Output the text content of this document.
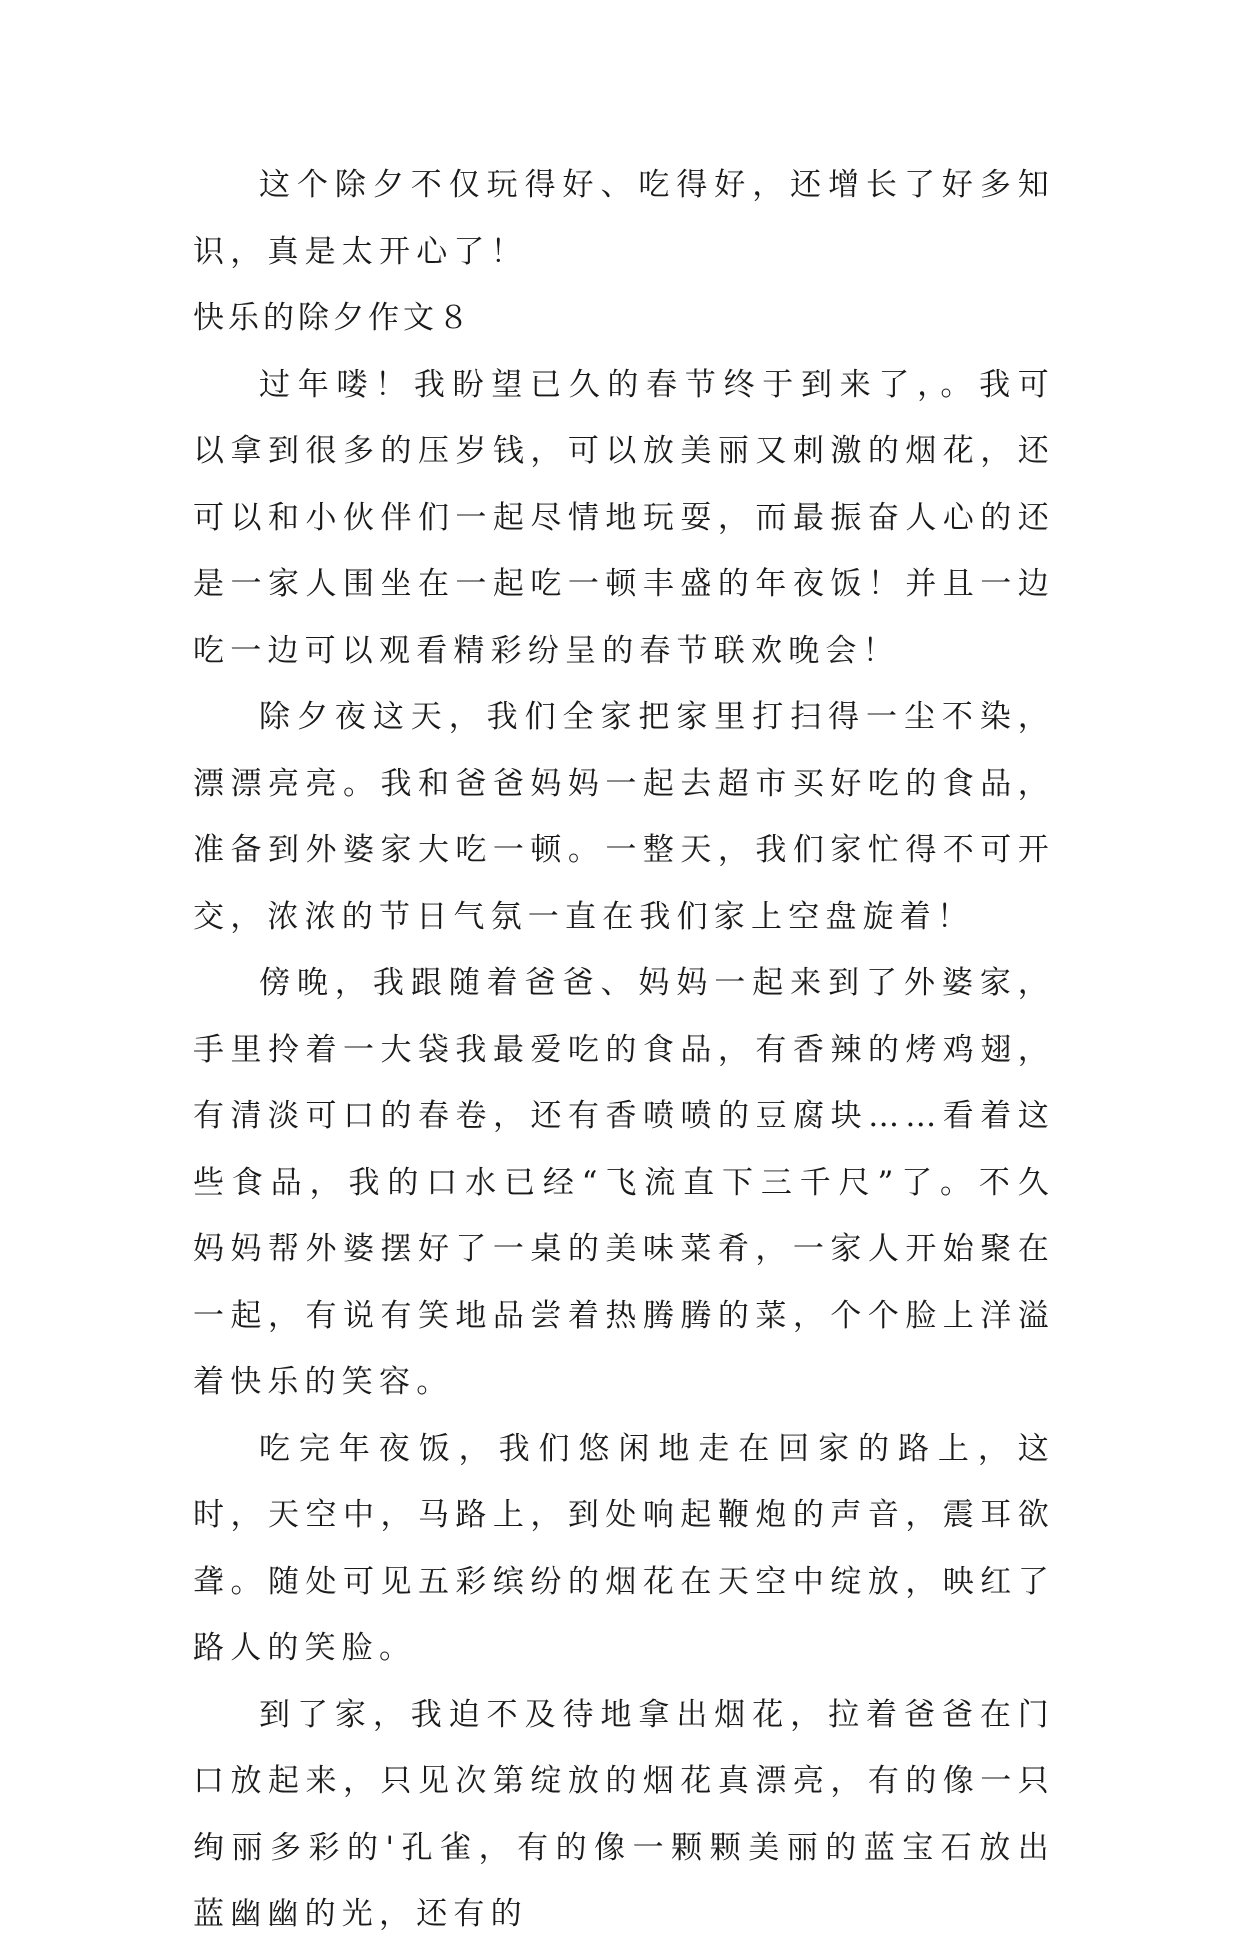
这个除夕不仅玩得好、吃得好，还增长了好多知识，真是太开心了！

快乐的除夕作文８

过年喽！我盼望已久的春节终于到来了，。我可以拿到很多的压岁钱，可以放美丽又刺激的烟花，还可以和小伙伴们一起尽情地玩耍，而最振奋人心的还是一家人围坐在一起吃一顿丰盛的年夜饭！并且一边吃一边可以观看精彩纷呈的春节联欢晚会！

除夕夜这天，我们全家把家里打扫得一尘不染，漂漂亮亮。我和爸爸妈妈一起去超市买好吃的食品，准备到外婆家大吃一顿。一整天，我们家忙得不可开交，浓浓的节日气氛一直在我们家上空盘旋着！

傍晚，我跟随着爸爸、妈妈一起来到了外婆家，手里拎着一大袋我最爱吃的食品，有香辣的烤鸡翅，有清淡可口的春卷，还有香喷喷的豆腐块……看着这些食品，我的口水已经“飞流直下三千尺”了。不久妈妈帮外婆摆好了一桌的美味菜肴，一家人开始聚在一起，有说有笑地品尝着热腾腾的菜，个个脸上洋溢着快乐的笑容。

吃完年夜饭，我们悠闲地走在回家的路上，这时，天空中，马路上，到处响起鞭炮的声音，震耳欲聋。随处可见五彩缤纷的烟花在天空中绽放，映红了路人的笑脸。

到了家，我迫不及待地拿出烟花，拉着爸爸在门口放起来，只见次第绽放的烟花真漂亮，有的像一只绚丽多彩的'孔雀，有的像一颗颗美丽的蓝宝石放出蓝幽幽的光，还有的
